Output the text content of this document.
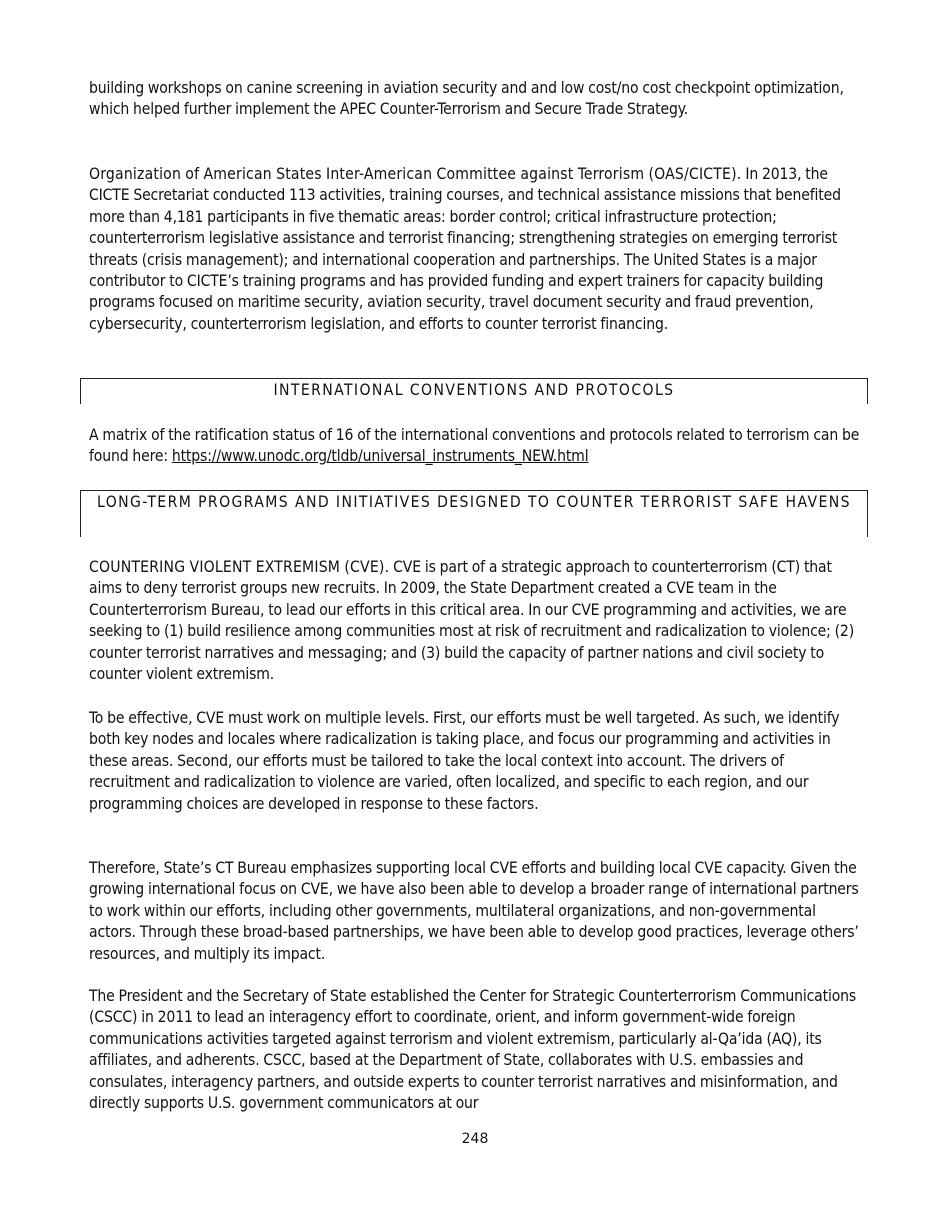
building workshops on canine screening in aviation security and and low cost/no cost checkpoint optimization, which helped further implement the APEC Counter-Terrorism and Secure Trade Strategy.

Organization of American States Inter-American Committee against Terrorism (OAS/CICTE). In 2013, the CICTE Secretariat conducted 113 activities, training courses, and technical assistance missions that benefited more than 4,181 participants in five thematic areas: border control; critical infrastructure protection; counterterrorism legislative assistance and terrorist financing; strengthening strategies on emerging terrorist threats (crisis management); and international cooperation and partnerships. The United States is a major contributor to CICTE’s training programs and has provided funding and expert trainers for capacity building programs focused on maritime security, aviation security, travel document security and fraud prevention, cybersecurity, counterterrorism legislation, and efforts to counter terrorist financing.

INTERNATIONAL CONVENTIONS AND PROTOCOLS

A matrix of the ratification status of 16 of the international conventions and protocols related to terrorism can be found here: https://www.unodc.org/tldb/universal_instruments_NEW.html

LONG-TERM PROGRAMS AND INITIATIVES DESIGNED TO COUNTER TERRORIST SAFE HAVENS

COUNTERING VIOLENT EXTREMISM (CVE). CVE is part of a strategic approach to counterterrorism (CT) that aims to deny terrorist groups new recruits. In 2009, the State Department created a CVE team in the Counterterrorism Bureau, to lead our efforts in this critical area. In our CVE programming and activities, we are seeking to (1) build resilience among communities most at risk of recruitment and radicalization to violence; (2) counter terrorist narratives and messaging; and (3) build the capacity of partner nations and civil society to counter violent extremism.

To be effective, CVE must work on multiple levels. First, our efforts must be well targeted. As such, we identify both key nodes and locales where radicalization is taking place, and focus our programming and activities in these areas. Second, our efforts must be tailored to take the local context into account. The drivers of recruitment and radicalization to violence are varied, often localized, and specific to each region, and our programming choices are developed in response to these factors.

Therefore, State’s CT Bureau emphasizes supporting local CVE efforts and building local CVE capacity. Given the growing international focus on CVE, we have also been able to develop a broader range of international partners to work within our efforts, including other governments, multilateral organizations, and non-governmental actors. Through these broad-based partnerships, we have been able to develop good practices, leverage others’ resources, and multiply its impact.

The President and the Secretary of State established the Center for Strategic Counterterrorism Communications (CSCC) in 2011 to lead an interagency effort to coordinate, orient, and inform government-wide foreign communications activities targeted against terrorism and violent extremism, particularly al-Qa’ida (AQ), its affiliates, and adherents. CSCC, based at the Department of State, collaborates with U.S. embassies and consulates, interagency partners, and outside experts to counter terrorist narratives and misinformation, and directly supports U.S. government communicators at our

248
